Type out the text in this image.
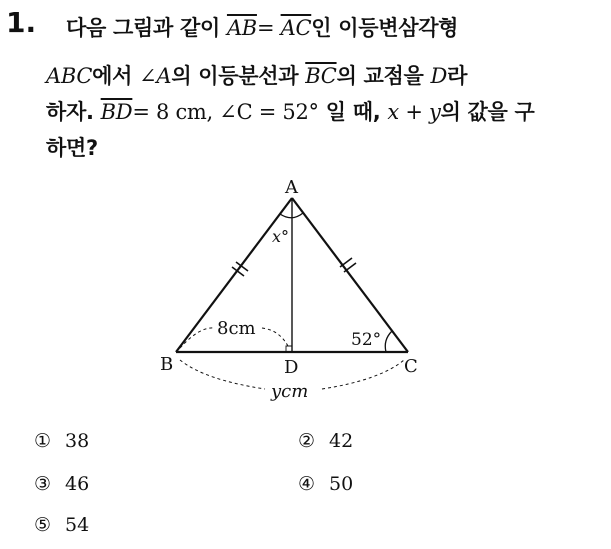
1. 다음 그림과 같이 $\overline{AB}= \overline{AC}$인 이등변삼각형
ABC에서 ∠A의 이등분선과 $\overline{BC}$의 교점을 D라
하자. $\overline{BD}= 8$ cm, ∠C = 52° 일 때, x + y의 값을 구
하면?
A
B	D	C
8cm
52°
x°
ycm
① 38	② 42
③ 46	④ 50
⑤ 54
